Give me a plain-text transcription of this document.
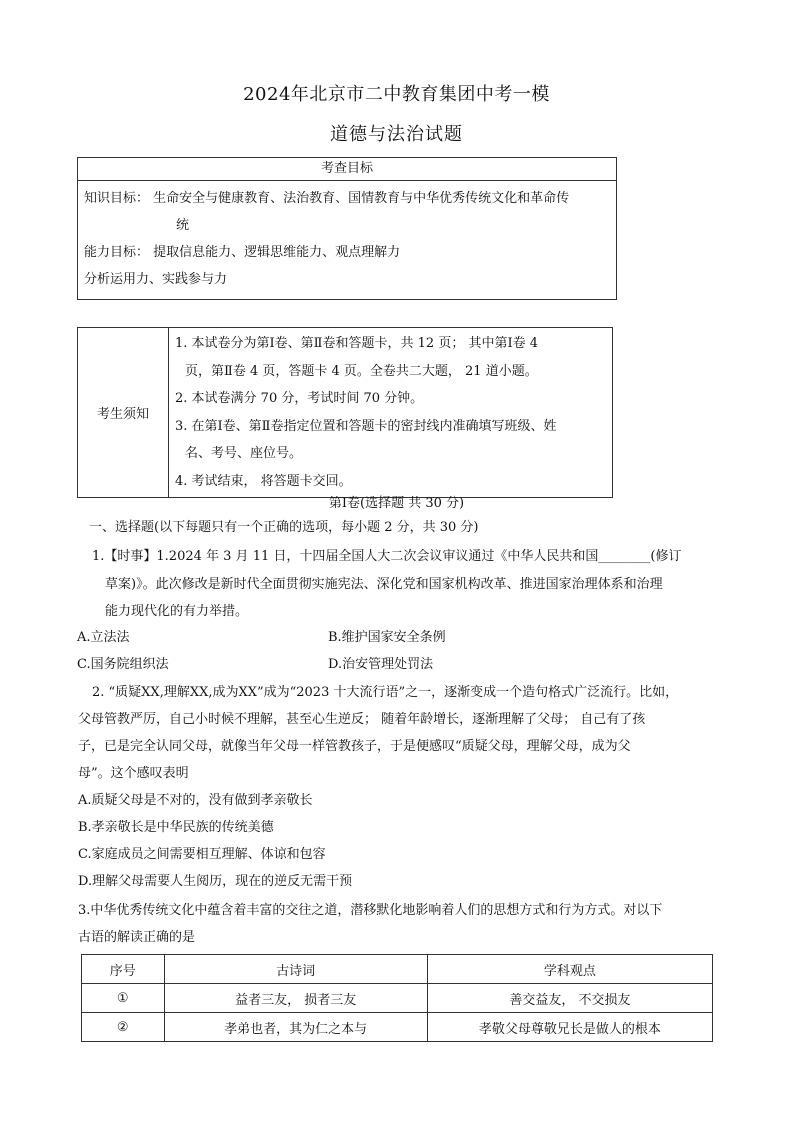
2024年北京市二中教育集团中考一模
道德与法治试题
考查目标

知识目标： 生命安全与健康教育、法治教育、国情教育与中华优秀传统文化和革命传
统
能力目标： 提取信息能力、逻辑思维能力、观点理解力
分析运用力、实践参与力
考生须知	
1. 本试卷分为第Ⅰ卷、第Ⅱ卷和答题卡，共 12 页； 其中第Ⅰ卷 4
页，第Ⅱ卷 4 页，答题卡 4 页。全卷共二大题， 21 道小题。
2. 本试卷满分 70 分，考试时间 70 分钟。
3. 在第Ⅰ卷、第Ⅱ卷指定位置和答题卡的密封线内准确填写班级、姓
名、考号、座位号。
4. 考试结束， 将答题卡交回。
第Ⅰ卷(选择题 共 30 分)
一、选择题(以下每题只有一个正确的选项，每小题 2 分，共 30 分)
1.【时事】1.2024 年 3 月 11 日，十四届全国人大二次会议审议通过《中华人民共和国________(修订
草案)》。此次修改是新时代全面贯彻实施宪法、深化党和国家机构改革、推进国家治理体系和治理
能力现代化的有力举措。
A.立法法	B.维护国家安全条例
C.国务院组织法	D.治安管理处罚法
2. “质疑XX,理解XX,成为XX”成为“2023 十大流行语”之一，逐渐变成一个造句格式广泛流行。比如，
父母管教严厉，自己小时候不理解，甚至心生逆反； 随着年龄增长，逐渐理解了父母； 自己有了孩
子，已是完全认同父母，就像当年父母一样管教孩子，于是便感叹“质疑父母，理解父母，成为父
母”。这个感叹表明
A.质疑父母是不对的，没有做到孝亲敬长
B.孝亲敬长是中华民族的传统美德
C.家庭成员之间需要相互理解、体谅和包容
D.理解父母需要人生阅历，现在的逆反无需干预
3.中华优秀传统文化中蕴含着丰富的交往之道，潜移默化地影响着人们的思想方式和行为方式。对以下
古语的解读正确的是
序号	古诗词	学科观点
①	益者三友， 损者三友	善交益友， 不交损友
②	孝弟也者，其为仁之本与	孝敬父母尊敬兄长是做人的根本
